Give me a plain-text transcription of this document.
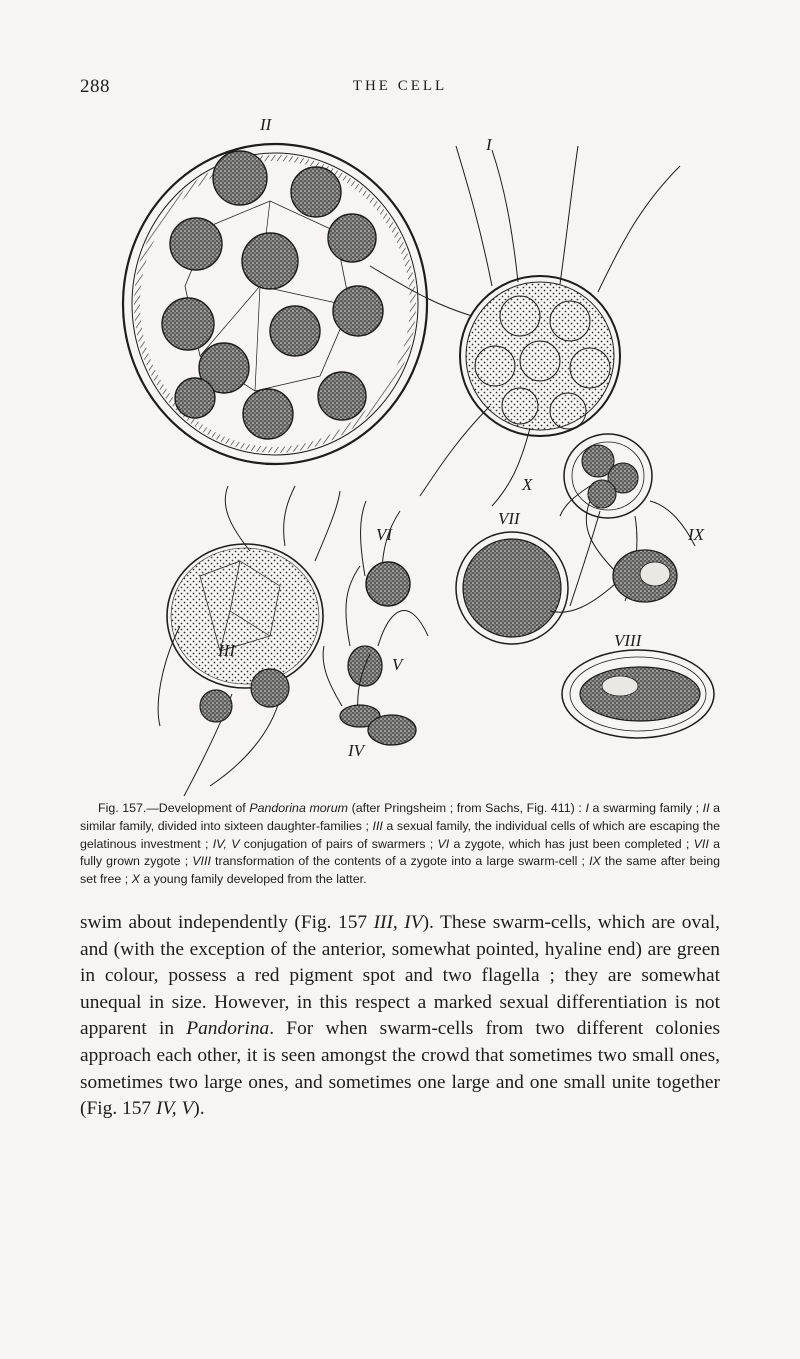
288	THE CELL
II
I
III
VI
V
IV
VII
X
IX
VIII
Fig. 157.—Development of Pandorina morum (after Pringsheim ; from Sachs, Fig. 411) : I a swarming family ; II a similar family, divided into sixteen daughter-families ; III a sexual family, the individual cells of which are escaping the gelatinous investment ; IV, V conjugation of pairs of swarmers ; VI a zygote, which has just been completed ; VII a fully grown zygote ; VIII transformation of the contents of a zygote into a large swarm-cell ; IX the same after being set free ; X a young family developed from the latter.
swim about independently (Fig. 157 III, IV). These swarm-cells, which are oval, and (with the exception of the anterior, somewhat pointed, hyaline end) are green in colour, possess a red pigment spot and two flagella ; they are somewhat unequal in size. However, in this respect a marked sexual differentiation is not apparent in Pandorina. For when swarm-cells from two different colonies approach each other, it is seen amongst the crowd that sometimes two small ones, sometimes two large ones, and sometimes one large and one small unite together (Fig. 157 IV, V).
